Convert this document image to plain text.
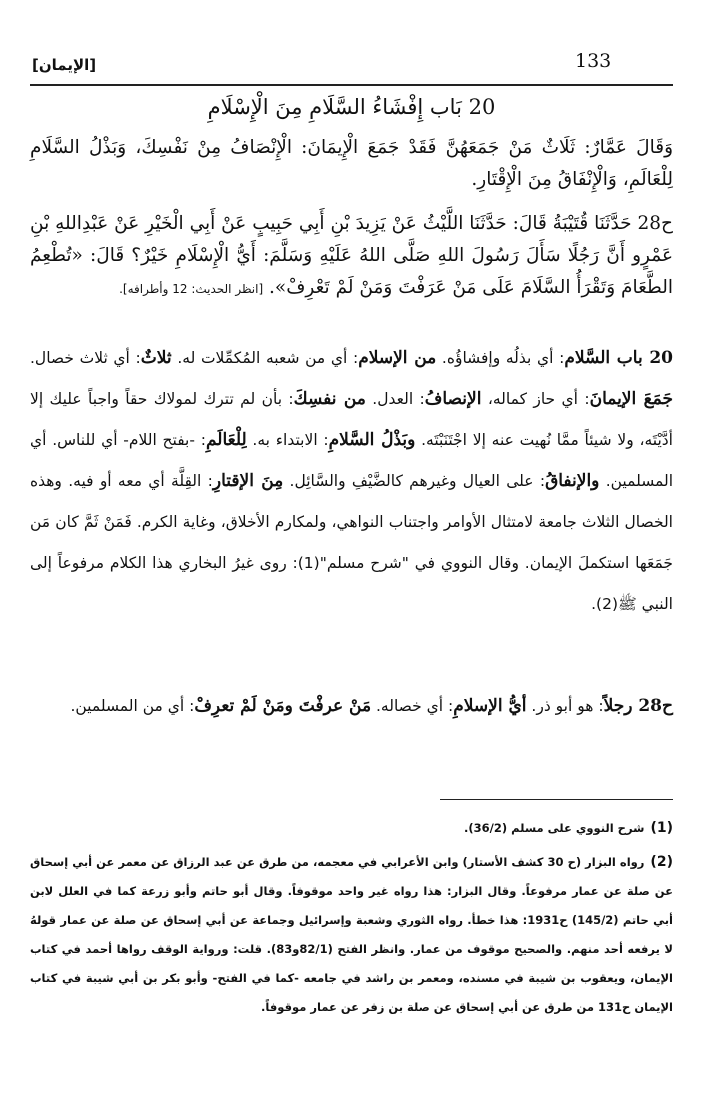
133
[الإيمان]
20 بَاب إِفْشَاءُ السَّلَامِ مِنَ الْإِسْلَامِ
وَقَالَ عَمَّارٌ: ثَلَاثٌ مَنْ جَمَعَهُنَّ فَقَدْ جَمَعَ الْإِيمَانَ: الْإِنْصَافُ مِنْ نَفْسِكَ، وَبَذْلُ السَّلَامِ لِلْعَالَمِ، وَالْإِنْفَاقُ مِنَ الْإِقْتَارِ.
ح28 حَدَّثَنَا قُتَيْبَةُ قَالَ: حَدَّثَنَا اللَّيْثُ عَنْ يَزِيدَ بْنِ أَبِي حَبِيبٍ عَنْ أَبِي الْخَيْرِ عَنْ عَبْدِاللهِ بْنِ عَمْرٍو أَنَّ رَجُلًا سَأَلَ رَسُولَ اللهِ صَلَّى اللهُ عَلَيْهِ وَسَلَّمَ: أَيُّ الْإِسْلَامِ خَيْرٌ؟ قَالَ: «تُطْعِمُ الطَّعَامَ وَتَقْرَأُ السَّلَامَ عَلَى مَنْ عَرَفْتَ وَمَنْ لَمْ تَعْرِفْ». [انظر الحديث: 12 وأطرافه].
20 باب السَّلام: أي بذلُه وإفشاؤُه. من الإسلام: أي من شعبه المُكمِّلات له. ثلاثٌ: أي ثلاث خصال. جَمَعَ الإيمانَ: أي حاز كماله، الإنصافُ: العدل. من نفسِكَ: بأن لم تترك لمولاك حقاً واجباً عليك إلا أدَّيْتَه، ولا شيئاً ممَّا نُهيت عنه إلا اجْتَنَبْتَه. وبَذْلُ السَّلامِ: الابتداء به. لِلْعَالَمِ: -بفتح اللام- أي للناس. أي المسلمين. والإنفاقُ: على العيال وغيرهم كالضَّيْفِ والسَّائِل. مِنَ الإقتارِ: القِلَّة أي معه أو فيه. وهذه الخصال الثلاث جامعة لامتثال الأوامر واجتناب النواهي، ولمكارم الأخلاق، وغاية الكرم. فَمَنْ ثَمَّ كان مَن جَمَعَها استكملَ الإيمان. وقال النووي في "شرح مسلم"(1): روى غيرُ البخاري هذا الكلام مرفوعاً إلى النبي ﷺ(2).
ح28 رجلاً: هو أبو ذر. أيُّ الإسلامِ: أي خصاله. مَنْ عرفْتَ ومَنْ لَمْ تعرِفْ: أي من المسلمين.
(1)شرح النووي على مسلم (36/2).
(2)رواه البزار (ح 30 كشف الأستار) وابن الأعرابي في معجمه، من طرق عن عبد الرزاق عن معمر عن أبي إسحاق عن صلة عن عمار مرفوعاً. وقال البزار: هذا رواه غير واحد موقوفاً. وقال أبو حاتم وأبو زرعة كما في العلل لابن أبي حاتم (145/2) ح1931: هذا خطأ. رواه الثوري وشعبة وإسرائيل وجماعة عن أبي إسحاق عن صلة عن عمار قولهُ لا يرفعه أحد منهم. والصحيح موقوف من عمار. وانظر الفتح (82/1و83). قلت: ورواية الوقف رواها أحمد في كتاب الإيمان، ويعقوب بن شيبة في مسنده، ومعمر بن راشد في جامعه -كما في الفتح- وأبو بكر بن أبي شيبة في كتاب الإيمان ح131 من طرق عن أبي إسحاق عن صلة بن زفر عن عمار موقوفاً.
